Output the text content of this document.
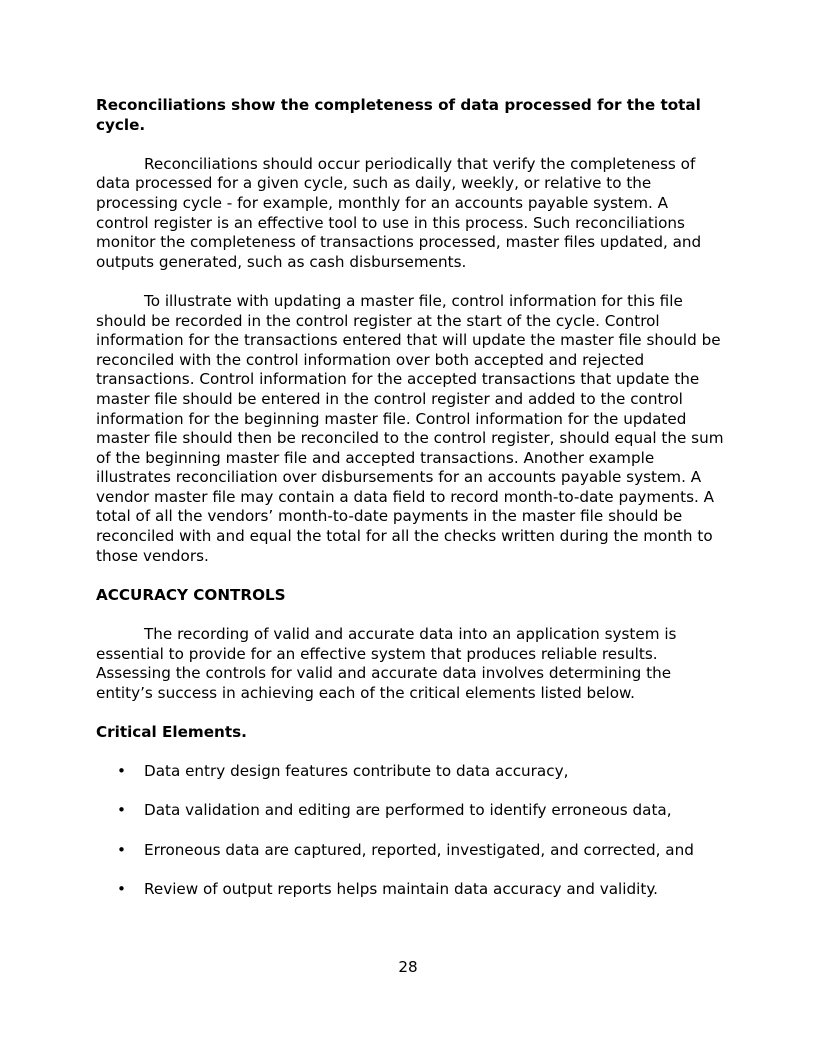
Reconciliations show the completeness of data processed for the total cycle.

Reconciliations should occur periodically that verify the completeness of data processed for a given cycle, such as daily, weekly, or relative to the processing cycle - for example, monthly for an accounts payable system. A control register is an effective tool to use in this process. Such reconciliations monitor the completeness of transactions processed, master files updated, and outputs generated, such as cash disbursements.

To illustrate with updating a master file, control information for this file should be recorded in the control register at the start of the cycle. Control information for the transactions entered that will update the master file should be reconciled with the control information over both accepted and rejected transactions. Control information for the accepted transactions that update the master file should be entered in the control register and added to the control information for the beginning master file. Control information for the updated master file should then be reconciled to the control register, should equal the sum of the beginning master file and accepted transactions. Another example illustrates reconciliation over disbursements for an accounts payable system. A vendor master file may contain a data field to record month-to-date payments. A total of all the vendors’ month-to-date payments in the master file should be reconciled with and equal the total for all the checks written during the month to those vendors.

ACCURACY CONTROLS

The recording of valid and accurate data into an application system is essential to provide for an effective system that produces reliable results. Assessing the controls for valid and accurate data involves determining the entity’s success in achieving each of the critical elements listed below.

Critical Elements.

• Data entry design features contribute to data accuracy,
• Data validation and editing are performed to identify erroneous data,
• Erroneous data are captured, reported, investigated, and corrected, and
• Review of output reports helps maintain data accuracy and validity.
28
